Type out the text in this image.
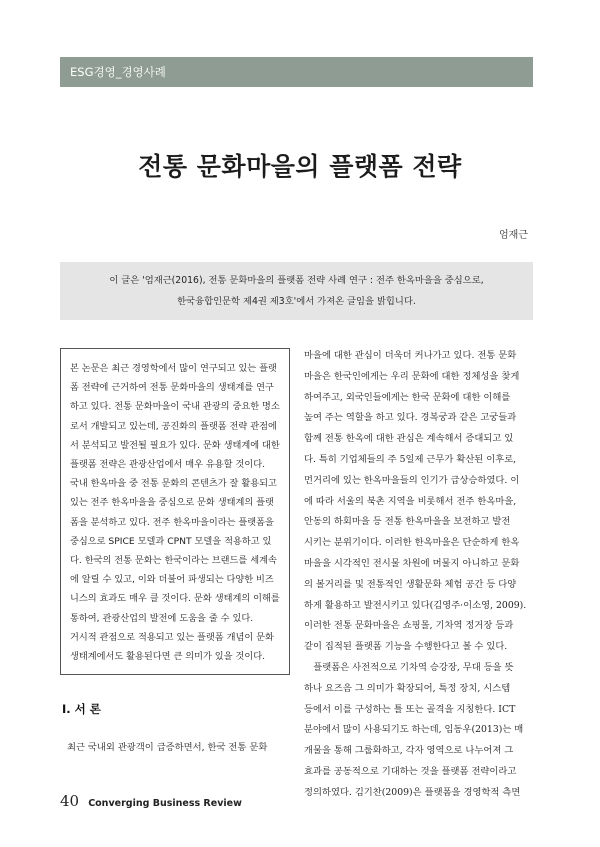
ESG경영_경영사례
전통 문화마을의 플랫폼 전략
엄재근
이 글은 '엄재근(2016), 전통 문화마을의 플랫폼 전략 사례 연구 : 전주 한옥마을을 중심으로,
한국융합인문학 제4권 제3호'에서 가져온 글임을 밝힙니다.
본 논문은 최근 경영학에서 많이 연구되고 있는 플랫
폼 전략에 근거하여 전통 문화마을의 생태계를 연구
하고 있다. 전통 문화마을이 국내 관광의 중요한 명소
로서 개발되고 있는데, 공진화의 플랫폼 전략 관점에
서 분석되고 발전될 필요가 있다. 문화 생태계에 대한
플랫폼 전략은 관광산업에서 매우 유용할 것이다.
국내 한옥마을 중 전통 문화의 콘텐츠가 잘 활용되고
있는 전주 한옥마을을 중심으로 문화 생태계의 플랫
폼을 분석하고 있다. 전주 한옥마을이라는 플랫폼을
중심으로 SPICE 모델과 CPNT 모델을 적용하고 있
다. 한국의 전통 문화는 한국이라는 브랜드를 세계속
에 알릴 수 있고, 이와 더불어 파생되는 다양한 비즈
니스의 효과도 매우 클 것이다. 문화 생태계의 이해를
통하여, 관광산업의 발전에 도움을 줄 수 있다.
거시적 관점으로 적용되고 있는 플랫폼 개념이 문화
생태계에서도 활용된다면 큰 의미가 있을 것이다.
Ⅰ. 서 론
최근 국내외 관광객이 급증하면서, 한국 전통 문화
마을에 대한 관심이 더욱더 커나가고 있다. 전통 문화
마을은 한국인에게는 우리 문화에 대한 정체성을 찾게
하여주고, 외국인들에게는 한국 문화에 대한 이해를
높여 주는 역할을 하고 있다. 경복궁과 같은 고궁들과
함께 전통 한옥에 대한 관심은 계속해서 증대되고 있
다. 특히 기업체들의 주 5일제 근무가 확산된 이후로,
먼거리에 있는 한옥마을들의 인기가 급상승하였다. 이
에 따라 서울의 북촌 지역을 비롯해서 전주 한옥마을,
안동의 하회마을 등 전통 한옥마을을 보전하고 발전
시키는 분위기이다. 이러한 한옥마을은 단순하게 한옥
마을을 시각적인 전시물 차원에 머물지 아니하고 문화
의 볼거리를 및 전통적인 생활문화 체험 공간 등 다양
하게 활용하고 발전시키고 있다(김영주·이소영, 2009).
이러한 전통 문화마을은 쇼핑몰, 기차역 정거장 등과
같이 집적된 플랫폼 기능을 수행한다고 볼 수 있다.
　플랫폼은 사전적으로 기차역 승강장, 무대 등을 뜻
하나 요즈음 그 의미가 확장되어, 특정 장치, 시스템
등에서 이를 구성하는 틀 또는 골격을 지칭한다. ICT
분야에서 많이 사용되기도 하는데, 임동우(2013)는 매
개물을 통해 그룹화하고, 각자 영역으로 나누어져 그
효과를 공동적으로 기대하는 것을 플랫폼 전략이라고
정의하였다. 김기찬(2009)은 플랫폼을 경영학적 측면
40 Converging Business Review
